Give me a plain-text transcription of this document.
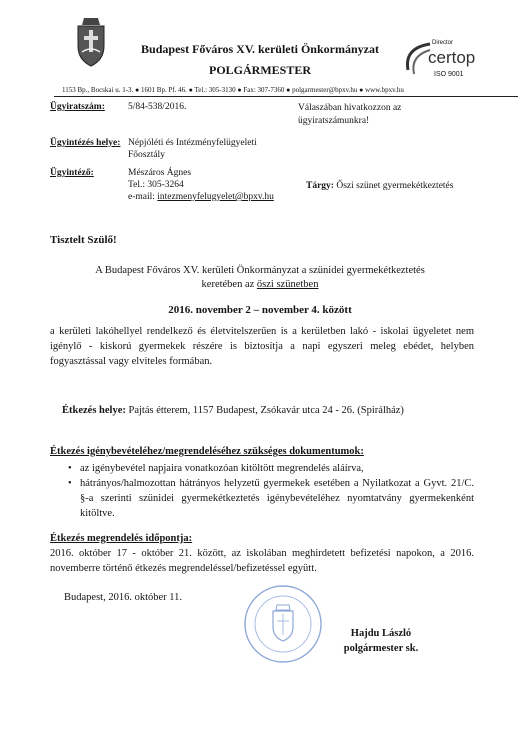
Budapest Főváros XV. kerületi Önkormányzat
POLGÁRMESTER
Director
certop
ISO 9001
1153 Bp., Bocskai u. 1-3. ● 1601 Bp. Pf. 46. ● Tel.: 305-3130 ● Fax: 307-7360 ● polgarmester@bpxv.hu ● www.bpxv.hu
Ügyiratszám: 5/84-538/2016.	Válaszában hivatkozzon az
ügyiratszámunkra!
Ügyintézés helye: Népjóléti és Intézményfelügyeleti
Főosztály
Ügyintéző:	Mészáros Ágnes
Tel.: 305-3264
e-mail: intezmenyfelugyelet@bpxv.hu
Tárgy: Őszi szünet gyermekétkeztetés
Tisztelt Szülő!
A Budapest Főváros XV. kerületi Önkormányzat a szünidei gyermekétkeztetés
keretében az őszi szünetben
2016. november 2 – november 4. között
a kerületi lakóhellyel rendelkező és életvitelszerűen is a kerületben lakó - iskolai ügyeletet nem igénylő - kiskorú gyermekek részére is biztosítja a napi egyszeri meleg ebédet, helyben fogyasztással vagy elviteles formában.
Étkezés helye: Pajtás étterem, 1157 Budapest, Zsókavár utca 24 - 26. (Spirálház)
Étkezés igénybevételéhez/megrendeléséhez szükséges dokumentumok:
• az igénybevétel napjaira vonatkozóan kitöltött megrendelés aláírva,
• hátrányos/halmozottan hátrányos helyzetű gyermekek esetében a Nyilatkozat a Gyvt. 21/C. §-a szerinti szünidei gyermekétkeztetés igénybevételéhez nyomtatvány gyermekenként kitöltve.
Étkezés megrendelés időpontja:
2016. október 17 - október 21. között, az iskolában meghirdetett befizetési napokon, a 2016. novemberre történő étkezés megrendeléssel/befizetéssel együtt.
Budapest, 2016. október 11.
Hajdu László
polgármester sk.
